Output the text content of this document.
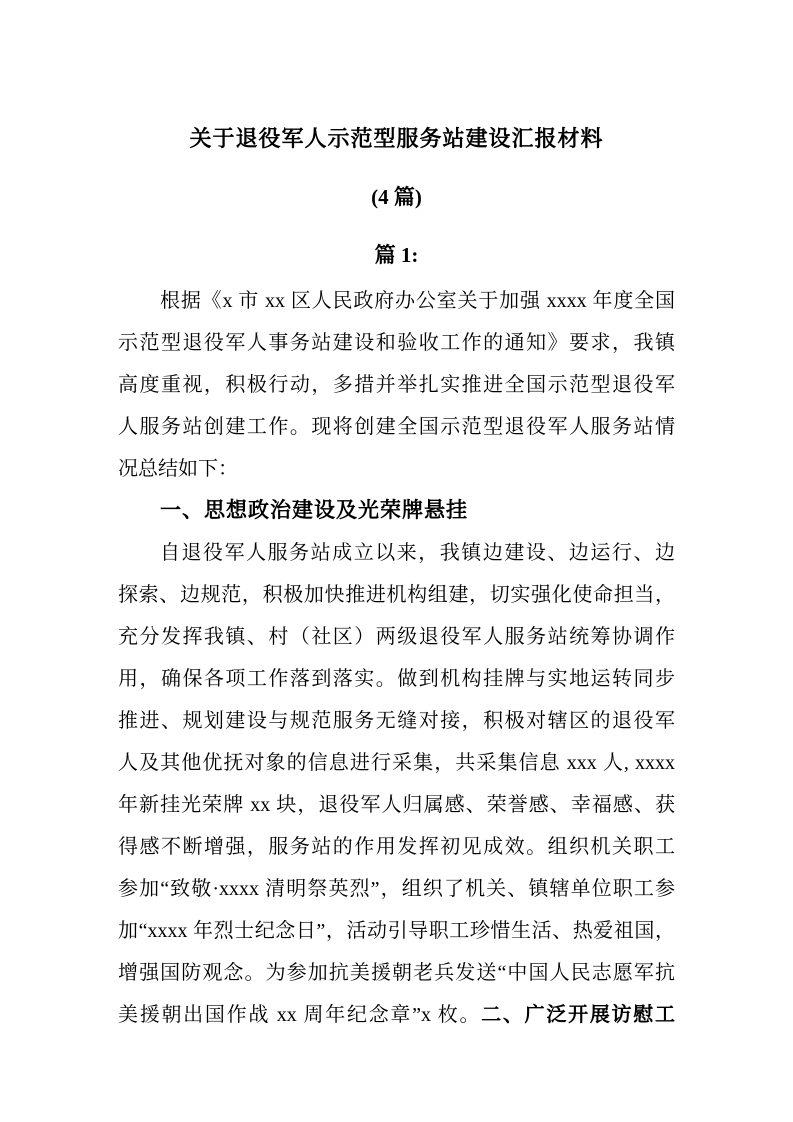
关于退役军人示范型服务站建设汇报材料
(4 篇)
篇 1:
根据《x 市 xx 区人民政府办公室关于加强 xxxx 年度全国
示范型退役军人事务站建设和验收工作的通知》要求，我镇
高度重视，积极行动，多措并举扎实推进全国示范型退役军
人服务站创建工作。现将创建全国示范型退役军人服务站情
况总结如下：
一、思想政治建设及光荣牌悬挂
自退役军人服务站成立以来，我镇边建设、边运行、边
探索、边规范，积极加快推进机构组建，切实强化使命担当，
充分发挥我镇、村（社区）两级退役军人服务站统筹协调作
用，确保各项工作落到落实。做到机构挂牌与实地运转同步
推进、规划建设与规范服务无缝对接，积极对辖区的退役军
人及其他优抚对象的信息进行采集，共采集信息 xxx 人, xxxx
年新挂光荣牌 xx 块，退役军人归属感、荣誉感、幸福感、获
得感不断增强，服务站的作用发挥初见成效。组织机关职工
参加“致敬·xxxx 清明祭英烈”，组织了机关、镇辖单位职工参
加“xxxx 年烈士纪念日”，活动引导职工珍惜生活、热爱祖国，
增强国防观念。为参加抗美援朝老兵发送“中国人民志愿军抗
美援朝出国作战 xx 周年纪念章”x 枚。二、广泛开展访慰工
